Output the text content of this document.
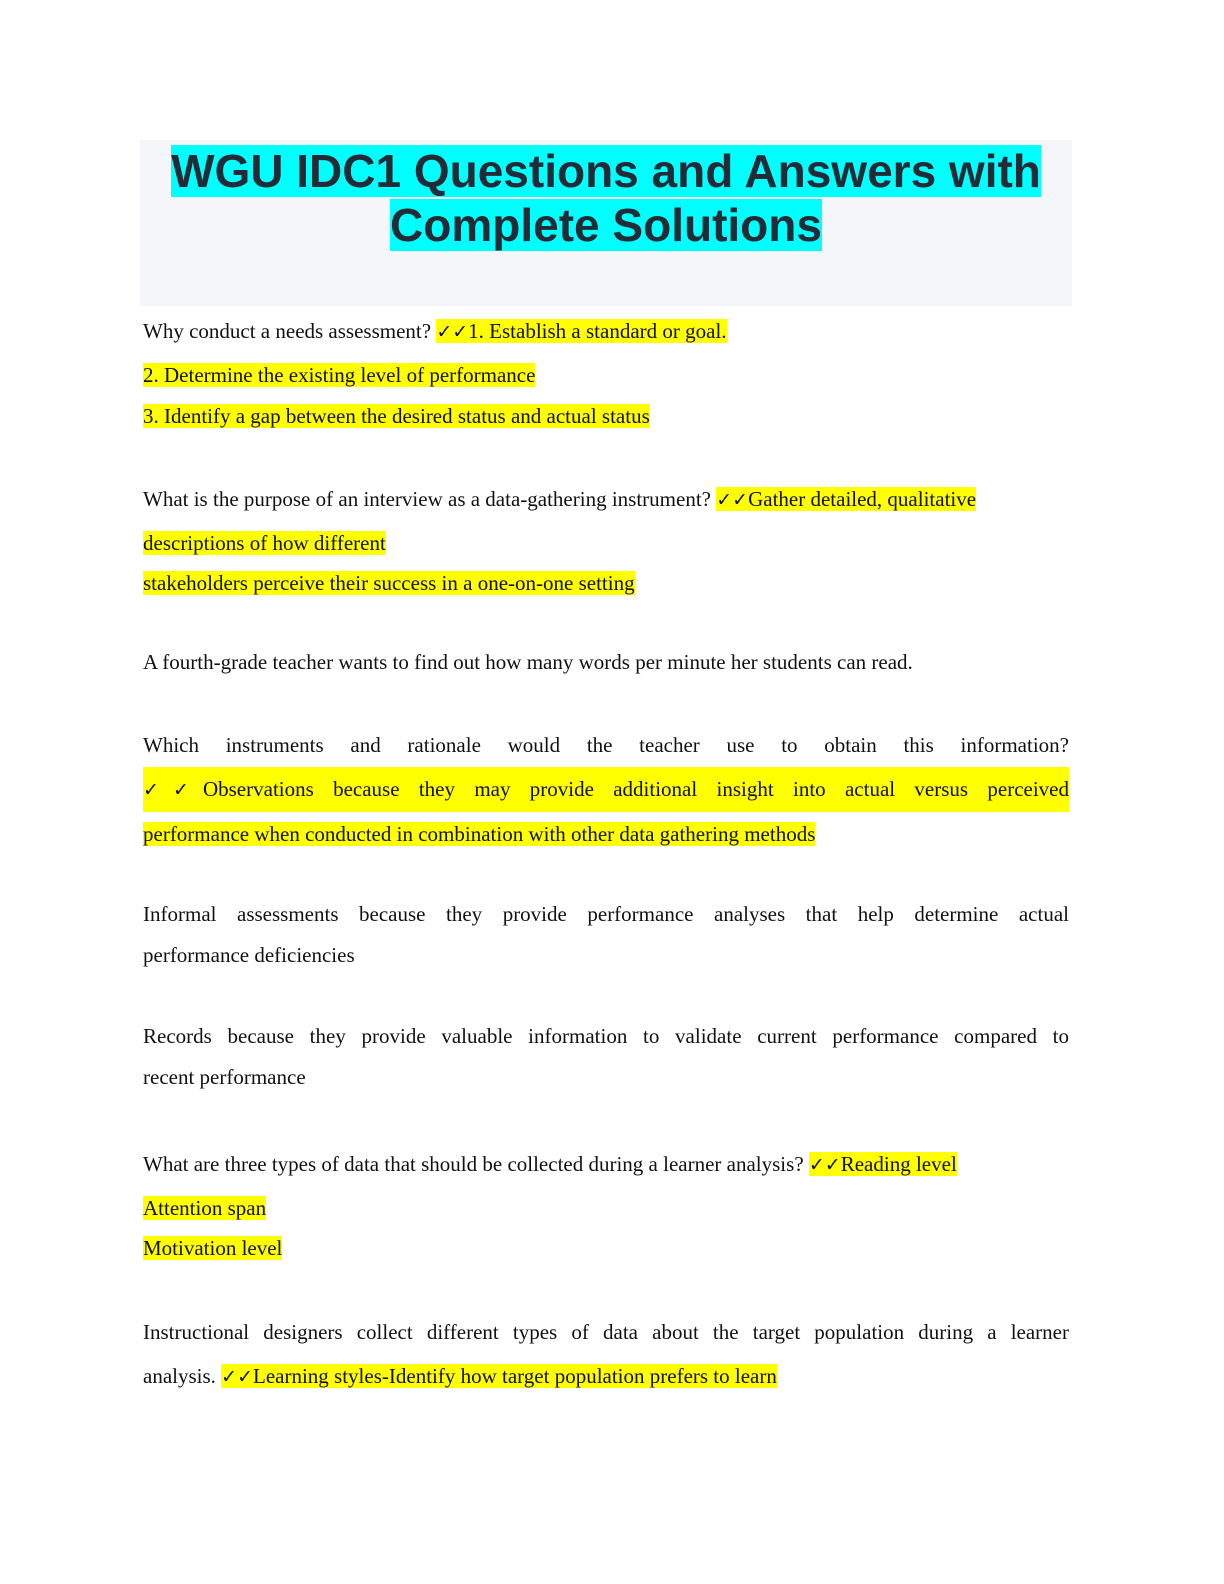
WGU IDC1 Questions and Answers with
Complete Solutions
Why conduct a needs assessment? ✓✓1. Establish a standard or goal.
2. Determine the existing level of performance
3. Identify a gap between the desired status and actual status
What is the purpose of an interview as a data-gathering instrument? ✓✓Gather detailed, qualitative
descriptions of how different
stakeholders perceive their success in a one-on-one setting
A fourth-grade teacher wants to find out how many words per minute her students can read.
Which instruments and rationale would the teacher use to obtain this information?
✓✓Observations because they may provide additional insight into actual versus perceived
performance when conducted in combination with other data gathering methods
Informal assessments because they provide performance analyses that help determine actual
performance deficiencies
Records because they provide valuable information to validate current performance compared to
recent performance
What are three types of data that should be collected during a learner analysis? ✓✓Reading level
Attention span
Motivation level
Instructional designers collect different types of data about the target population during a learner
analysis. ✓✓Learning styles-Identify how target population prefers to learn
